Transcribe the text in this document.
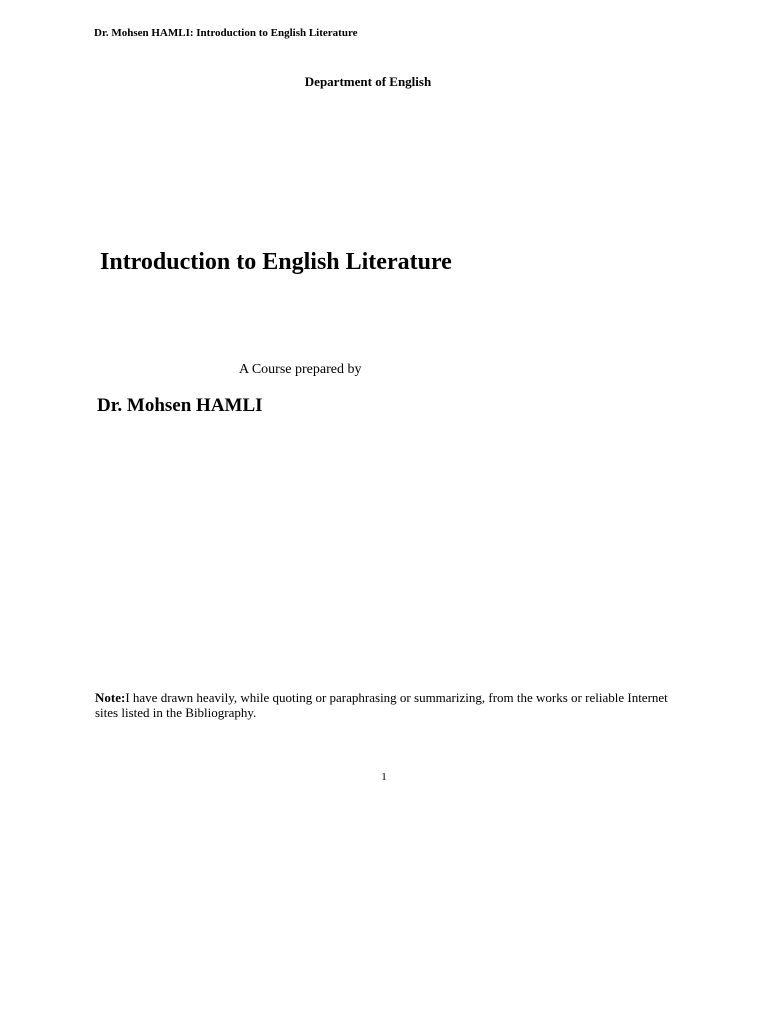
Dr. Mohsen HAMLI: Introduction to English Literature
Department of English
Introduction to English Literature
A Course prepared by
Dr. Mohsen HAMLI
Note:I have drawn heavily, while quoting or paraphrasing or summarizing, from the works or reliable Internet sites listed in the Bibliography.
1
